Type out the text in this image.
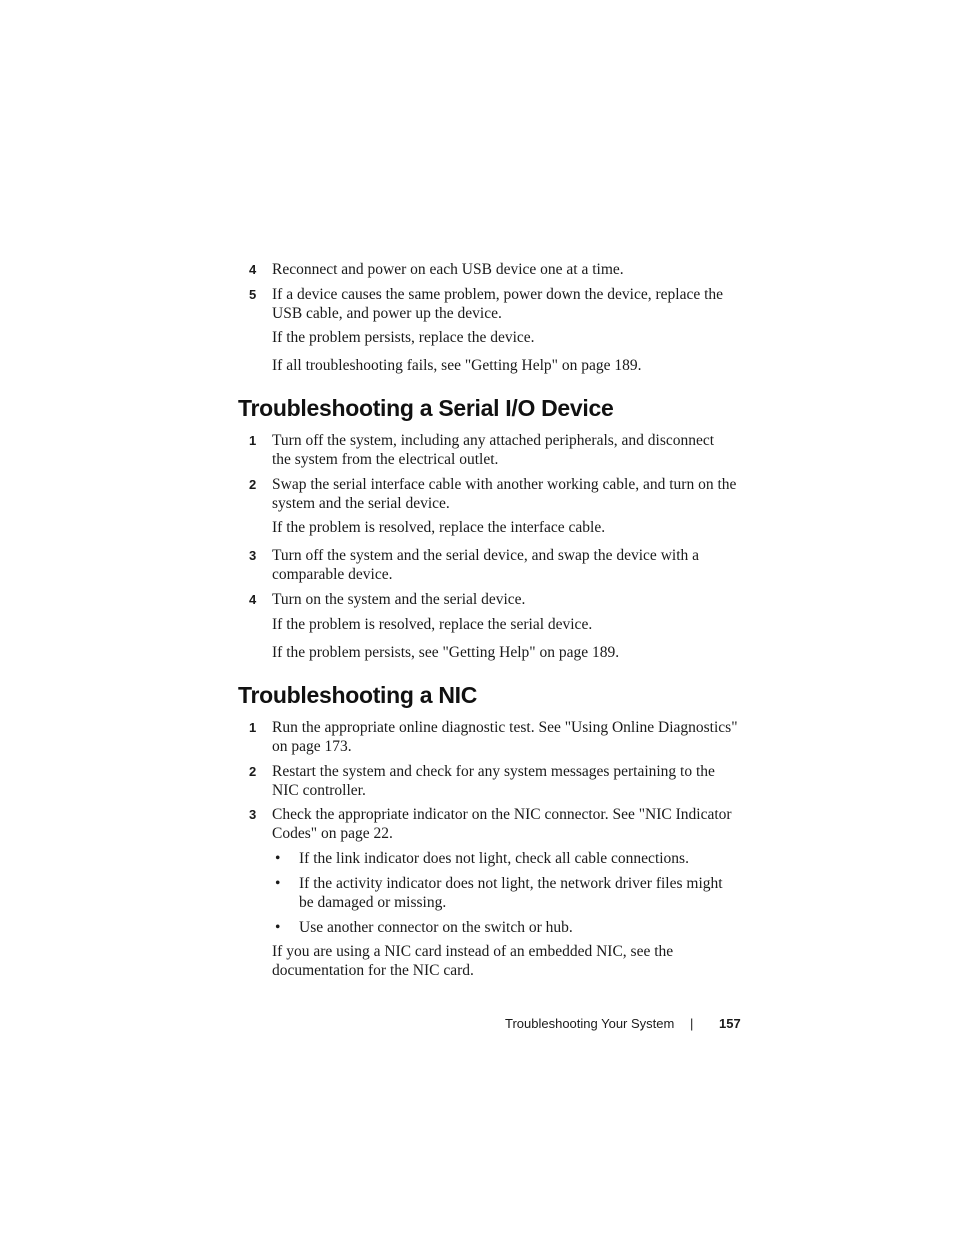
4 Reconnect and power on each USB device one at a time.
5 If a device causes the same problem, power down the device, replace the USB cable, and power up the device.
If the problem persists, replace the device.
If all troubleshooting fails, see "Getting Help" on page 189.
Troubleshooting a Serial I/O Device
1 Turn off the system, including any attached peripherals, and disconnect the system from the electrical outlet.
2 Swap the serial interface cable with another working cable, and turn on the system and the serial device.
If the problem is resolved, replace the interface cable.
3 Turn off the system and the serial device, and swap the device with a comparable device.
4 Turn on the system and the serial device.
If the problem is resolved, replace the serial device.
If the problem persists, see "Getting Help" on page 189.
Troubleshooting a NIC
1 Run the appropriate online diagnostic test. See "Using Online Diagnostics" on page 173.
2 Restart the system and check for any system messages pertaining to the NIC controller.
3 Check the appropriate indicator on the NIC connector. See "NIC Indicator Codes" on page 22.
• If the link indicator does not light, check all cable connections.
• If the activity indicator does not light, the network driver files might be damaged or missing.
• Use another connector on the switch or hub.
If you are using a NIC card instead of an embedded NIC, see the documentation for the NIC card.
Troubleshooting Your System | 157
